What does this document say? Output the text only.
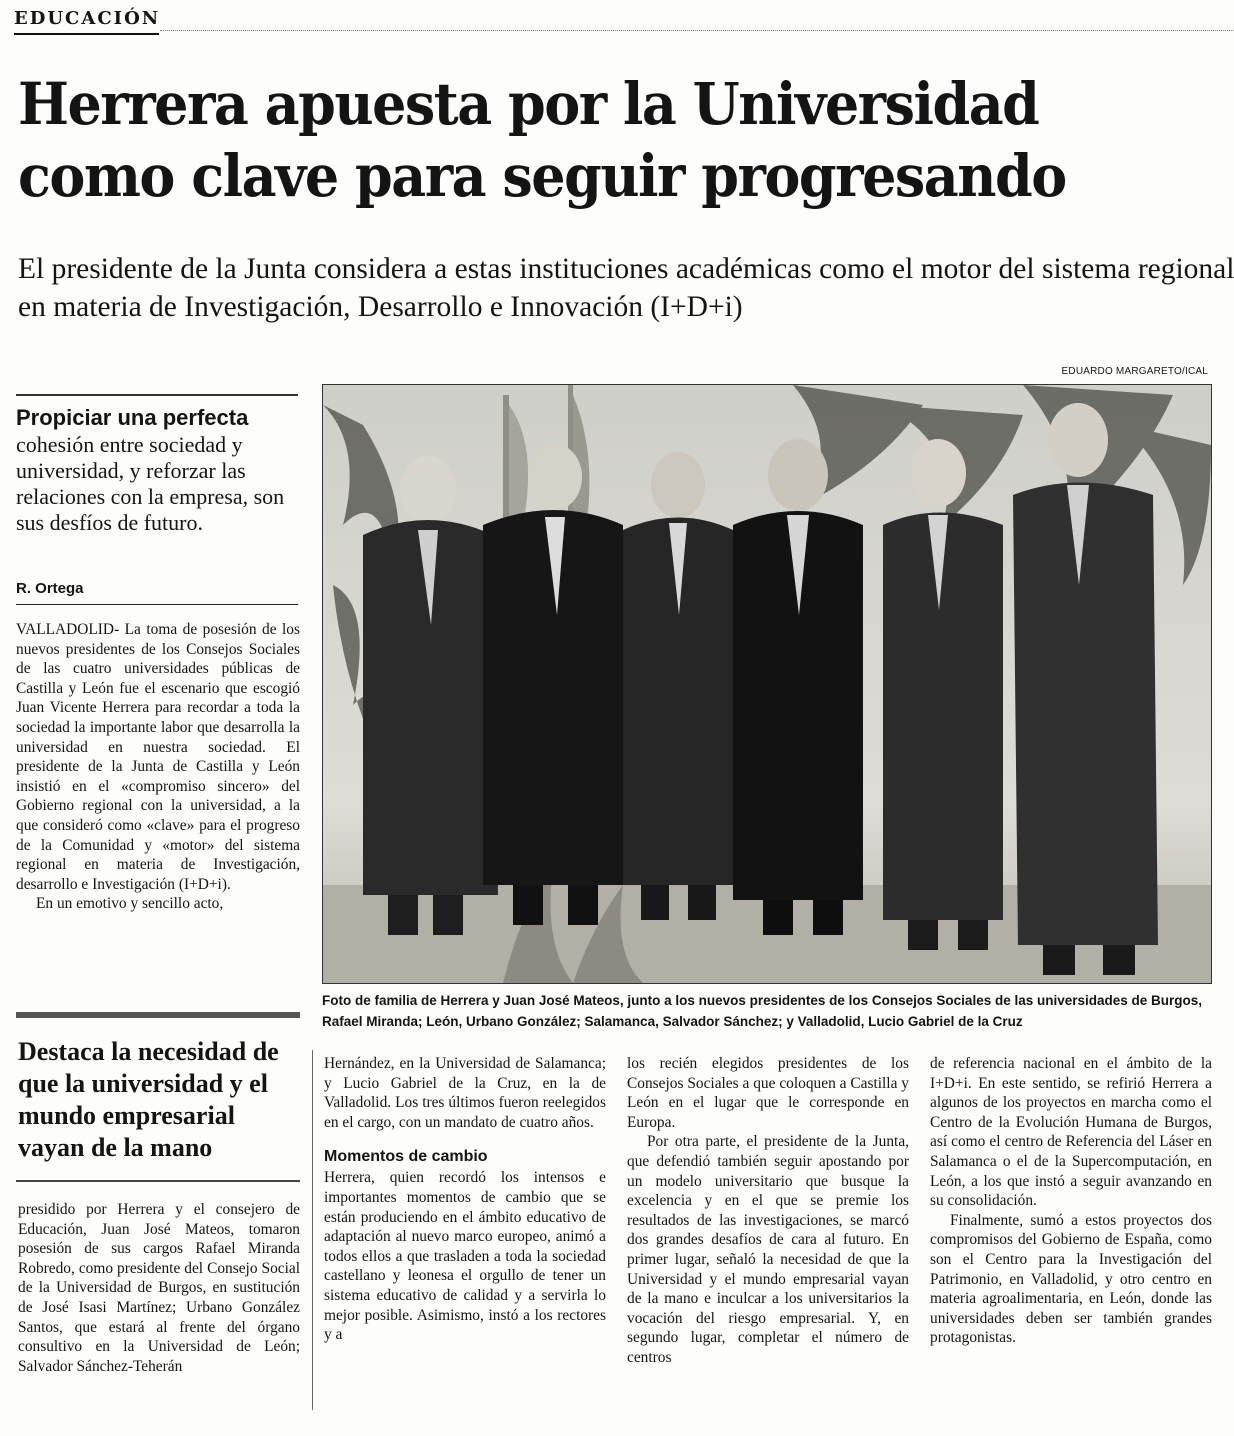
EDUCACIÓN
Herrera apuesta por la Universidad como clave para seguir progresando
El presidente de la Junta considera a estas instituciones académicas como el motor del sistema regional en materia de Investigación, Desarrollo e Innovación (I+D+i)
EDUARDO MARGARETO/ICAL
Foto de familia de Herrera y Juan José Mateos, junto a los nuevos presidentes de los Consejos Sociales de las universidades de Burgos, Rafael Miranda; León, Urbano González; Salamanca, Salvador Sánchez; y Valladolid, Lucio Gabriel de la Cruz

Propiciar una perfecta

cohesión entre sociedad y universidad, y reforzar las relaciones con la empresa, son sus desfíos de futuro.

R. Ortega

VALLADOLID- La toma de posesión de los nuevos presidentes de los Consejos Sociales de las cuatro universidades públicas de Castilla y León fue el escenario que escogió Juan Vicente Herrera para recordar a toda la sociedad la importante labor que desarrolla la universidad en nuestra sociedad. El presidente de la Junta de Castilla y León insistió en el «compromiso sincero» del Gobierno regional con la universidad, a la que consideró como «clave» para el progreso de la Comunidad y «motor» del sistema regional en materia de Investigación, desarrollo e Investigación (I+D+i).

En un emotivo y sencillo acto,

Destaca la necesidad de que la universidad y el mundo empresarial vayan de la mano

presidido por Herrera y el consejero de Educación, Juan José Mateos, tomaron posesión de sus cargos Rafael Miranda Robredo, como presidente del Consejo Social de la Universidad de Burgos, en sustitución de José Isasi Martínez; Urbano González Santos, que estará al frente del órgano consultivo en la Universidad de León; Salvador Sánchez-Teherán

Hernández, en la Universidad de Salamanca; y Lucio Gabriel de la Cruz, en la de Valladolid. Los tres últimos fueron reelegidos en el cargo, con un mandato de cuatro años.

Momentos de cambio

Herrera, quien recordó los intensos e importantes momentos de cambio que se están produciendo en el ámbito educativo de adaptación al nuevo marco europeo, animó a todos ellos a que trasladen a toda la sociedad castellano y leonesa el orgullo de tener un sistema educativo de calidad y a servirla lo mejor posible. Asimismo, instó a los rectores y a

los recién elegidos presidentes de los Consejos Sociales a que coloquen a Castilla y León en el lugar que le corresponde en Europa.

Por otra parte, el presidente de la Junta, que defendió también seguir apostando por un modelo universitario que busque la excelencia y en el que se premie los resultados de las investigaciones, se marcó dos grandes desafíos de cara al futuro. En primer lugar, señaló la necesidad de que la Universidad y el mundo empresarial vayan de la mano e inculcar a los universitarios la vocación del riesgo empresarial. Y, en segundo lugar, completar el número de centros

de referencia nacional en el ámbito de la I+D+i. En este sentido, se refirió Herrera a algunos de los proyectos en marcha como el Centro de la Evolución Humana de Burgos, así como el centro de Referencia del Láser en Salamanca o el de la Supercomputación, en León, a los que instó a seguir avanzando en su consolidación.

Finalmente, sumó a estos proyectos dos compromisos del Gobierno de España, como son el Centro para la Investigación del Patrimonio, en Valladolid, y otro centro en materia agroalimentaria, en León, donde las universidades deben ser también grandes protagonistas.
